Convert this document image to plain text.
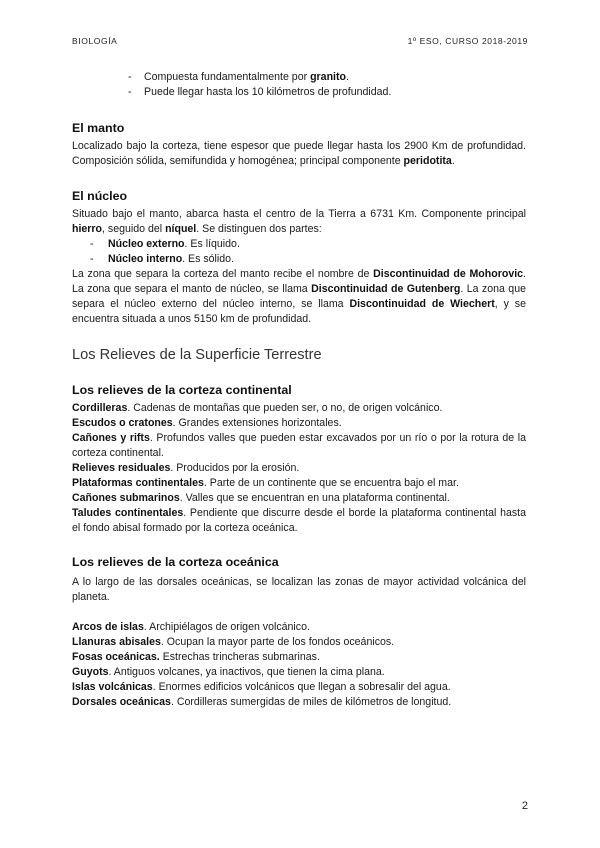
BIOLOGÍA	1º ESO, CURSO 2018-2019
- Compuesta fundamentalmente por granito.
- Puede llegar hasta los 10 kilómetros de profundidad.
El manto

Localizado bajo la corteza, tiene espesor que puede llegar hasta los 2900 Km de profundidad. Composición sólida, semifundida y homogénea; principal componente peridotita.

El núcleo

Situado bajo el manto, abarca hasta el centro de la Tierra a 6731 Km. Componente principal hierro, seguido del níquel. Se distinguen dos partes:

- Núcleo externo. Es líquido.
- Núcleo interno. Es sólido.

La zona que separa la corteza del manto recibe el nombre de Discontinuidad de Mohorovic. La zona que separa el manto de núcleo, se llama Discontinuidad de Gutenberg. La zona que separa el núcleo externo del núcleo interno, se llama Discontinuidad de Wiechert, y se encuentra situada a unos 5150 km de profundidad.

Los Relieves de la Superficie Terrestre
Los relieves de la corteza continental

Cordilleras. Cadenas de montañas que pueden ser, o no, de origen volcánico.

Escudos o cratones. Grandes extensiones horizontales.

Cañones y rifts. Profundos valles que pueden estar excavados por un río o por la rotura de la corteza continental.

Relieves residuales. Producidos por la erosión.

Plataformas continentales. Parte de un continente que se encuentra bajo el mar.

Cañones submarinos. Valles que se encuentran en una plataforma continental.

Taludes continentales. Pendiente que discurre desde el borde la plataforma continental hasta el fondo abisal formado por la corteza oceánica.

Los relieves de la corteza oceánica

A lo largo de las dorsales oceánicas, se localizan las zonas de mayor actividad volcánica del planeta.

Arcos de islas. Archipiélagos de origen volcánico.

Llanuras abisales. Ocupan la mayor parte de los fondos oceánicos.

Fosas oceánicas. Estrechas trincheras submarinas.

Guyots. Antiguos volcanes, ya inactivos, que tienen la cima plana.

Islas volcánicas. Enormes edificios volcánicos que llegan a sobresalir del agua.

Dorsales oceánicas. Cordilleras sumergidas de miles de kilómetros de longitud.

2
